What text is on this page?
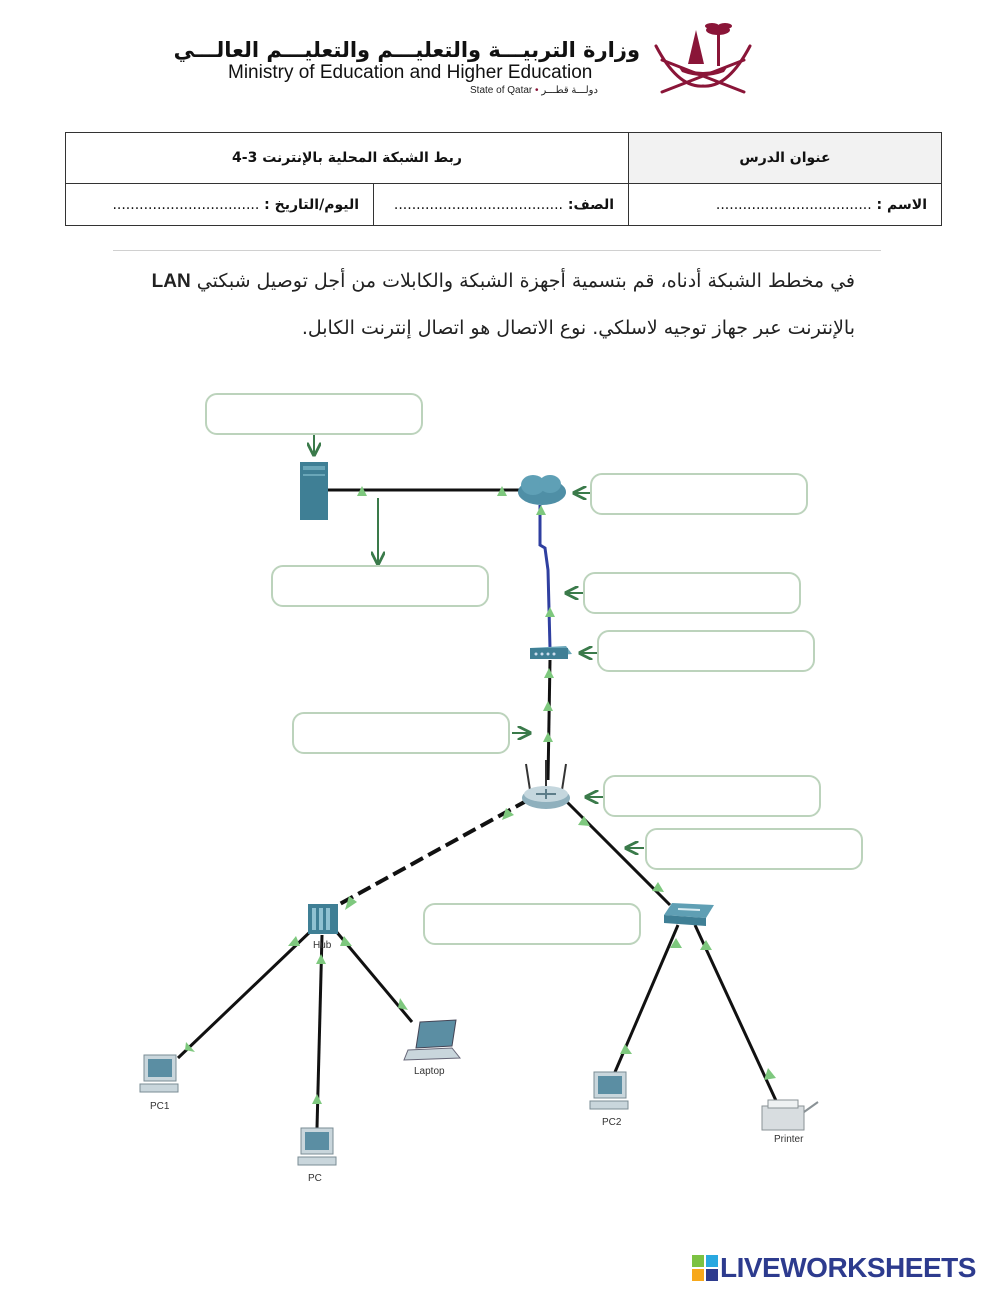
وزارة التربيـــة والتعليـــم والتعليـــم العالـــي
Ministry of Education and Higher Education
State of Qatar • دولـــة قطـــر
عنوان الدرس	ربط الشبكة المحلية بالإنترنت 3-4	
الاسم : ...................................	الصف: ......................................	اليوم/التاريخ : .................................
في مخطط الشبكة أدناه، قم بتسمية أجهزة الشبكة والكابلات من أجل توصيل شبكتي LAN
بالإنترنت عبر جهاز توجيه لاسلكي. نوع الاتصال هو اتصال إنترنت الكابل.
Hub
Laptop
PC1
PC
PC2
Printer
LIVEWORKSHEETS
